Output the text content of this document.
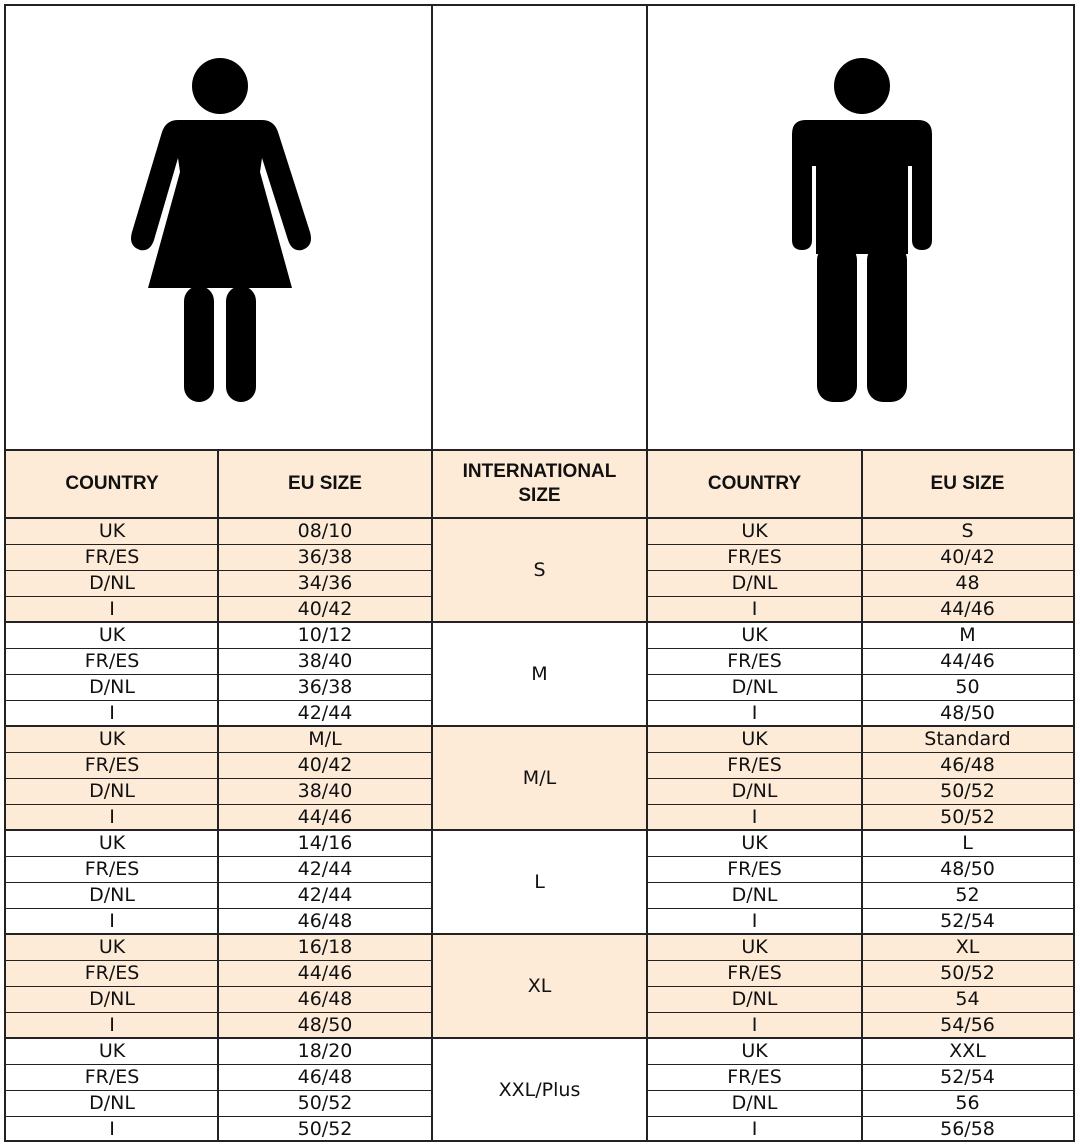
COUNTRY	EU SIZE
INTERNATIONAL SIZE
COUNTRY	EU SIZE
S
UK	08/10	UK	S
FR/ES	36/38	FR/ES	40/42
D/NL	34/36	D/NL	48
I	40/42	I	44/46
M
UK	10/12	UK	M
FR/ES	38/40	FR/ES	44/46
D/NL	36/38	D/NL	50
I	42/44	I	48/50
M/L
UK	M/L	UK	Standard
FR/ES	40/42	FR/ES	46/48
D/NL	38/40	D/NL	50/52
I	44/46	I	50/52
L
UK	14/16	UK	L
FR/ES	42/44	FR/ES	48/50
D/NL	42/44	D/NL	52
I	46/48	I	52/54
XL
UK	16/18	UK	XL
FR/ES	44/46	FR/ES	50/52
D/NL	46/48	D/NL	54
I	48/50	I	54/56
XXL/Plus
UK	18/20	UK	XXL
FR/ES	46/48	FR/ES	52/54
D/NL	50/52	D/NL	56
I	50/52	I	56/58
